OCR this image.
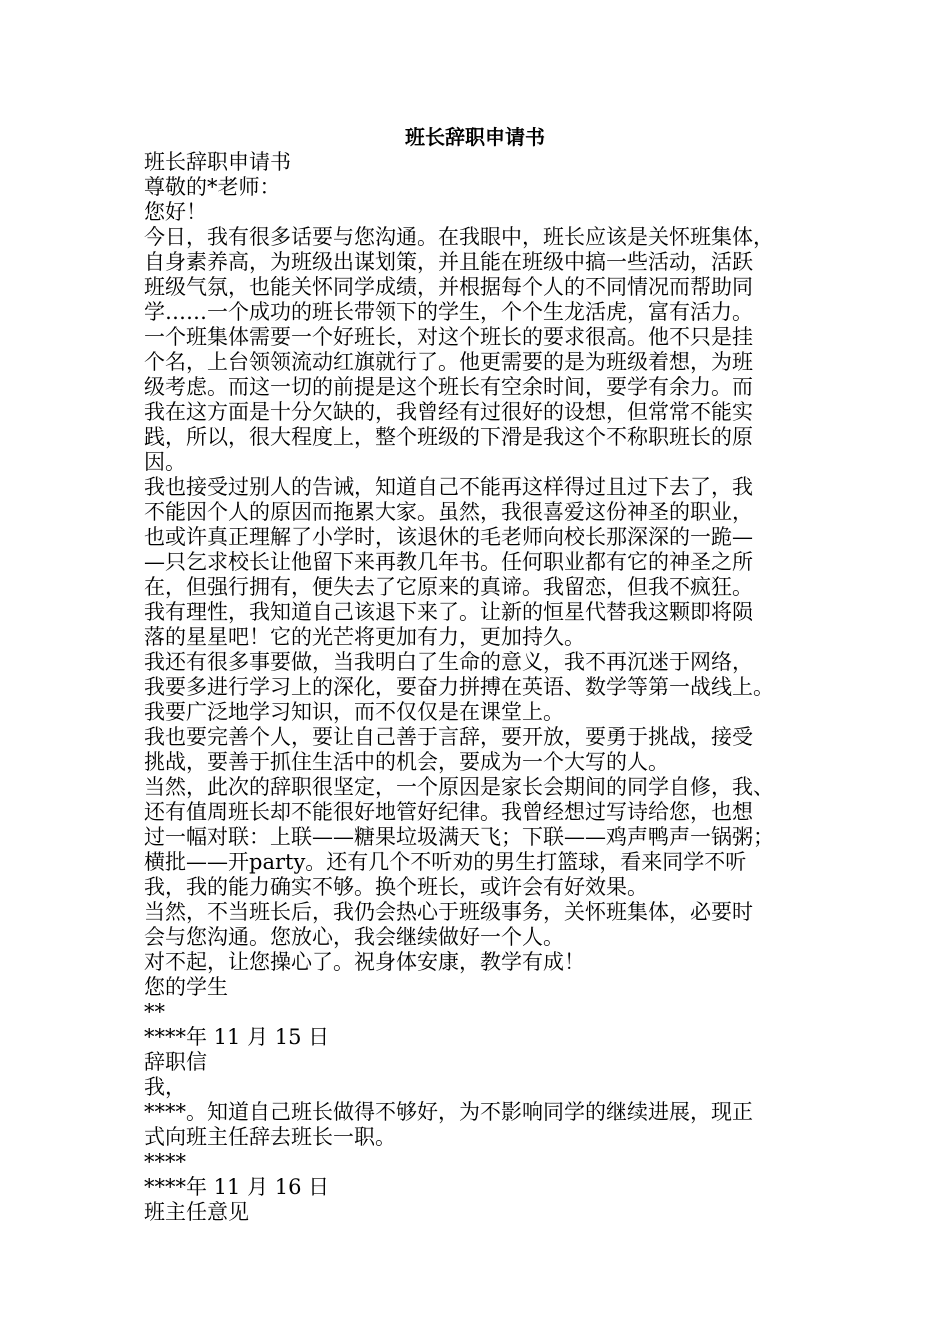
班长辞职申请书

班长辞职申请书

尊敬的*老师：

您好！

今日，我有很多话要与您沟通。在我眼中，班长应该是关怀班集体，

自身素养高，为班级出谋划策，并且能在班级中搞一些活动，活跃

班级气氛，也能关怀同学成绩，并根据每个人的不同情况而帮助同

学……一个成功的班长带领下的学生，个个生龙活虎，富有活力。

一个班集体需要一个好班长，对这个班长的要求很高。他不只是挂

个名，上台领领流动红旗就行了。他更需要的是为班级着想，为班

级考虑。而这一切的前提是这个班长有空余时间，要学有余力。而

我在这方面是十分欠缺的，我曾经有过很好的设想，但常常不能实

践，所以，很大程度上，整个班级的下滑是我这个不称职班长的原

因。

我也接受过别人的告诫，知道自己不能再这样得过且过下去了，我

不能因个人的原因而拖累大家。虽然，我很喜爱这份神圣的职业，

也或许真正理解了小学时，该退休的毛老师向校长那深深的一跪—

—只乞求校长让他留下来再教几年书。任何职业都有它的神圣之所

在，但强行拥有，便失去了它原来的真谛。我留恋，但我不疯狂。

我有理性，我知道自己该退下来了。让新的恒星代替我这颗即将陨

落的星星吧！它的光芒将更加有力，更加持久。

我还有很多事要做，当我明白了生命的意义，我不再沉迷于网络，

我要多进行学习上的深化，要奋力拼搏在英语、数学等第一战线上。

我要广泛地学习知识，而不仅仅是在课堂上。

我也要完善个人，要让自己善于言辞，要开放，要勇于挑战，接受

挑战，要善于抓住生活中的机会，要成为一个大写的人。

当然，此次的辞职很坚定，一个原因是家长会期间的同学自修，我、

还有值周班长却不能很好地管好纪律。我曾经想过写诗给您，也想

过一幅对联：上联——糖果垃圾满天飞；下联——鸡声鸭声一锅粥；

横批——开party。还有几个不听劝的男生打篮球，看来同学不听

我，我的能力确实不够。换个班长，或许会有好效果。

当然，不当班长后，我仍会热心于班级事务，关怀班集体，必要时

会与您沟通。您放心，我会继续做好一个人。

对不起，让您操心了。祝身体安康，教学有成！

您的学生

**

****年 11 月 15 日

辞职信

我，

****。知道自己班长做得不够好，为不影响同学的继续进展，现正

式向班主任辞去班长一职。

****

****年 11 月 16 日

班主任意见
